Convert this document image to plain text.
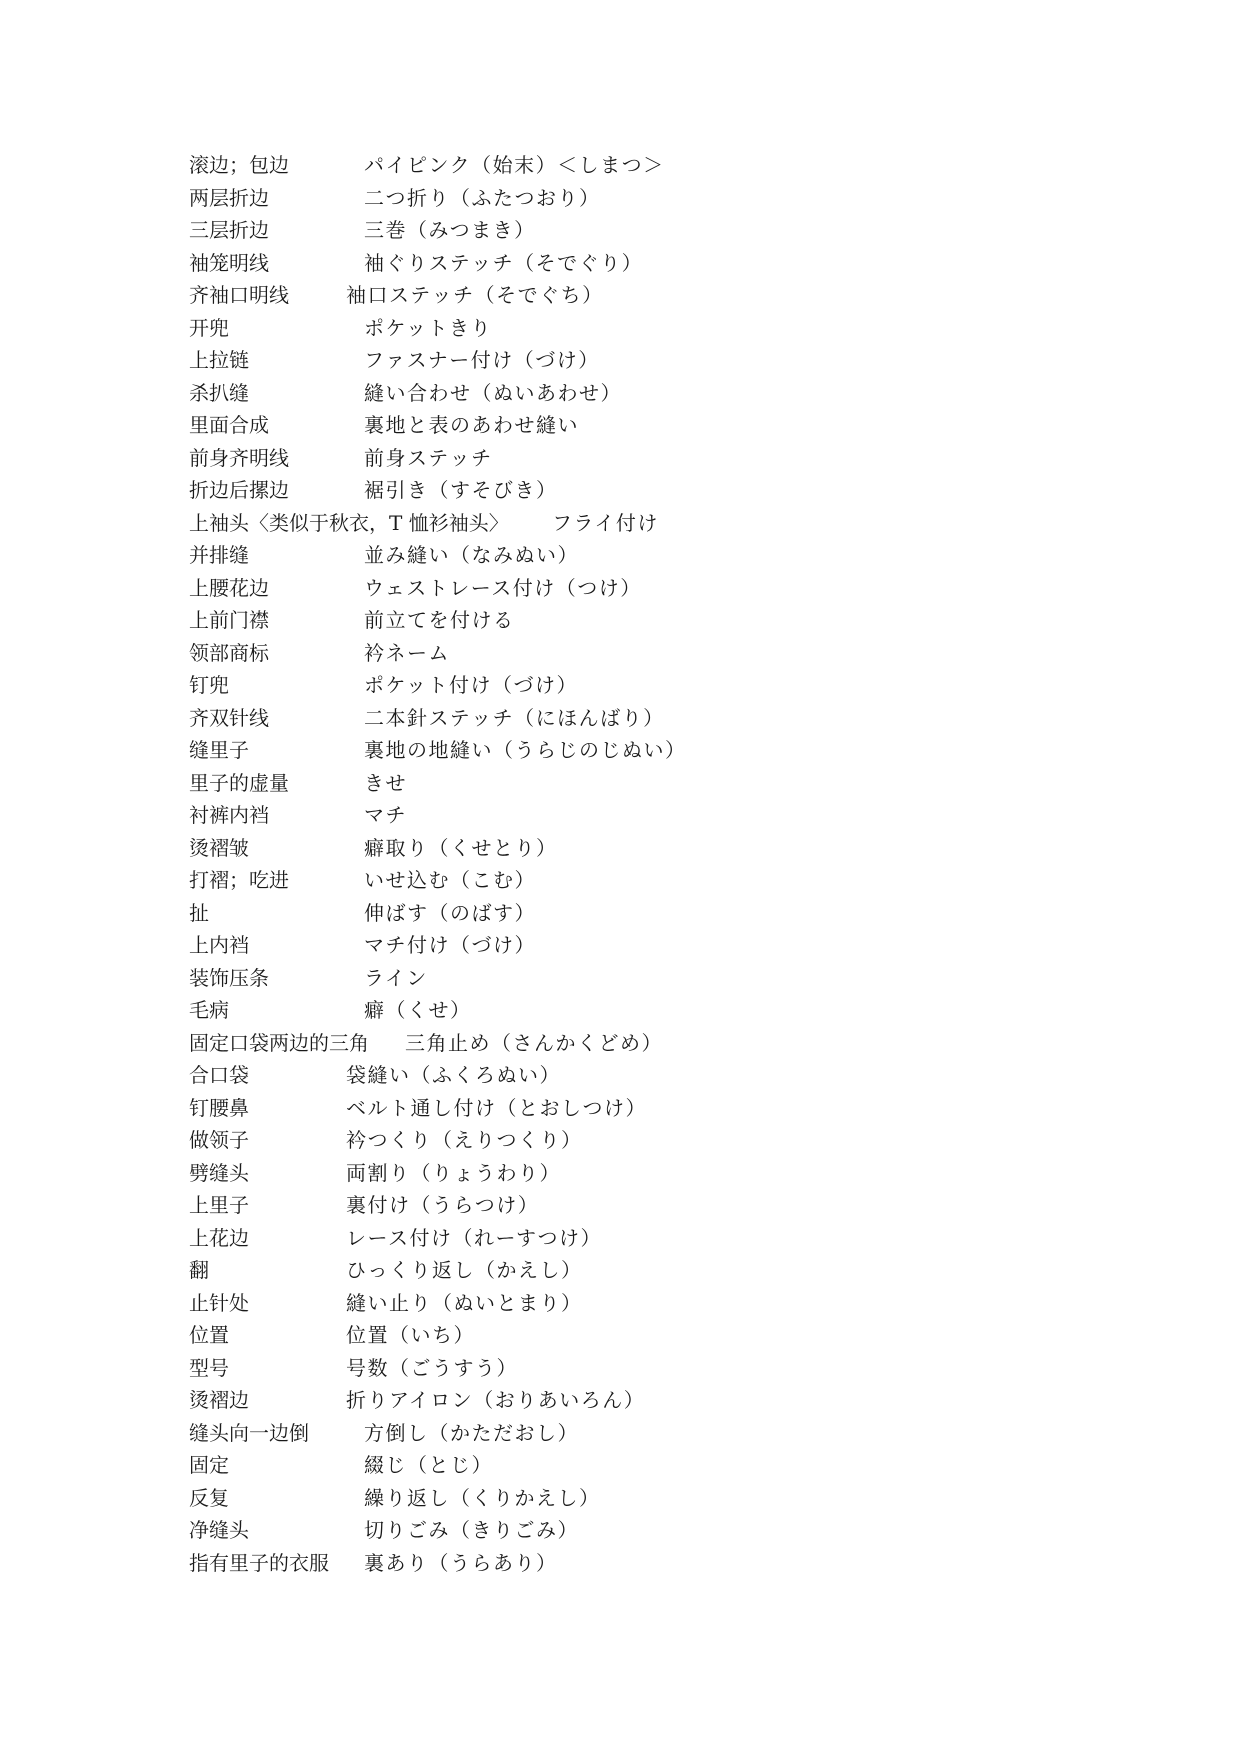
滚边；包边	パイピンク（始末）＜しまつ＞
两层折边	二つ折り（ふたつおり）
三层折边	三巻（みつまき）
袖笼明线	袖ぐりステッチ（そでぐり）
齐袖口明线	袖口ステッチ（そでぐち）
开兜	ポケットきり
上拉链	ファスナー付け（づけ）
杀扒缝	縫い合わせ（ぬいあわせ）
里面合成	裏地と表のあわせ縫い
前身齐明线	前身ステッチ
折边后摞边	裾引き（すそびき）
上袖头〈类似于秋衣，T 恤衫袖头〉 フライ付け
并排缝	並み縫い（なみぬい）
上腰花边	ウェストレース付け（つけ）
上前门襟	前立てを付ける
领部商标	衿ネーム
钉兜	ポケット付け（づけ）
齐双针线	二本針ステッチ（にほんばり）
缝里子	裏地の地縫い（うらじのじぬい）
里子的虚量	きせ
衬裤内裆	マチ
烫褶皱	癖取り（くせとり）
打褶；吃进	いせ込む（こむ）
扯	伸ばす（のばす）
上内裆	マチ付け（づけ）
装饰压条	ライン
毛病	癖（くせ）
固定口袋两边的三角 三角止め（さんかくどめ）
合口袋	袋縫い（ふくろぬい）
钉腰鼻	ベルト通し付け（とおしつけ）
做领子	衿つくり（えりつくり）
劈缝头	両割り（りょうわり）
上里子	裏付け（うらつけ）
上花边	レース付け（れーすつけ）
翻	ひっくり返し（かえし）
止针处	縫い止り（ぬいとまり）
位置	位置（いち）
型号	号数（ごうすう）
烫褶边	折りアイロン（おりあいろん）
缝头向一边倒	方倒し（かただおし）
固定	綴じ（とじ）
反复	繰り返し（くりかえし）
净缝头	切りごみ（きりごみ）
指有里子的衣服 裏あり（うらあり）
